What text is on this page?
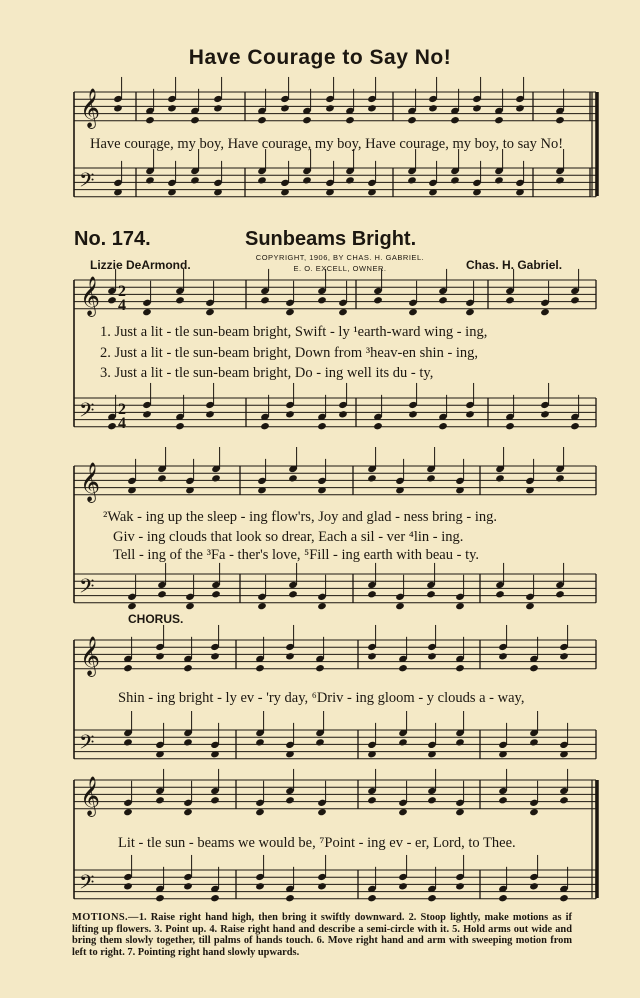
𝄞
𝄢
𝄞
𝄢
𝄞
𝄢
𝄞
𝄢
𝄞
𝄢
2
4
2
4
Have Courage to Say No!
Have courage, my boy, Have courage, my boy, Have courage, my boy, to say No!
No. 174.	Sunbeams Bright.
COPYRIGHT, 1906, BY CHAS. H. GABRIEL.
E. O. EXCELL, OWNER.
Lizzie DeArmond.	Chas. H. Gabriel.
1. Just a lit - tle sun-beam bright, Swift - ly ¹earth-ward wing - ing,
2. Just a lit - tle sun-beam bright, Down from ³heav-en shin - ing,
3. Just a lit - tle sun-beam bright, Do - ing well its du - ty,
²Wak - ing up the sleep - ing flow'rs, Joy and glad - ness bring - ing.
Giv - ing clouds that look so drear, Each a sil - ver ⁴lin - ing.
Tell - ing of the ³Fa - ther's love, ⁵Fill - ing earth with beau - ty.
CHORUS.
Shin - ing bright - ly ev - 'ry day, ⁶Driv - ing gloom - y clouds a - way,
Lit - tle sun - beams we would be, ⁷Point - ing ev - er, Lord, to Thee.
MOTIONS.—1. Raise right hand high, then bring it swiftly downward. 2. Stoop lightly, make motions as if lifting up flowers. 3. Point up. 4. Raise right hand and describe a semi-circle with it. 5. Hold arms out wide and bring them slowly together, till palms of hands touch. 6. Move right hand and arm with sweeping motion from left to right. 7. Pointing right hand slowly upwards.
